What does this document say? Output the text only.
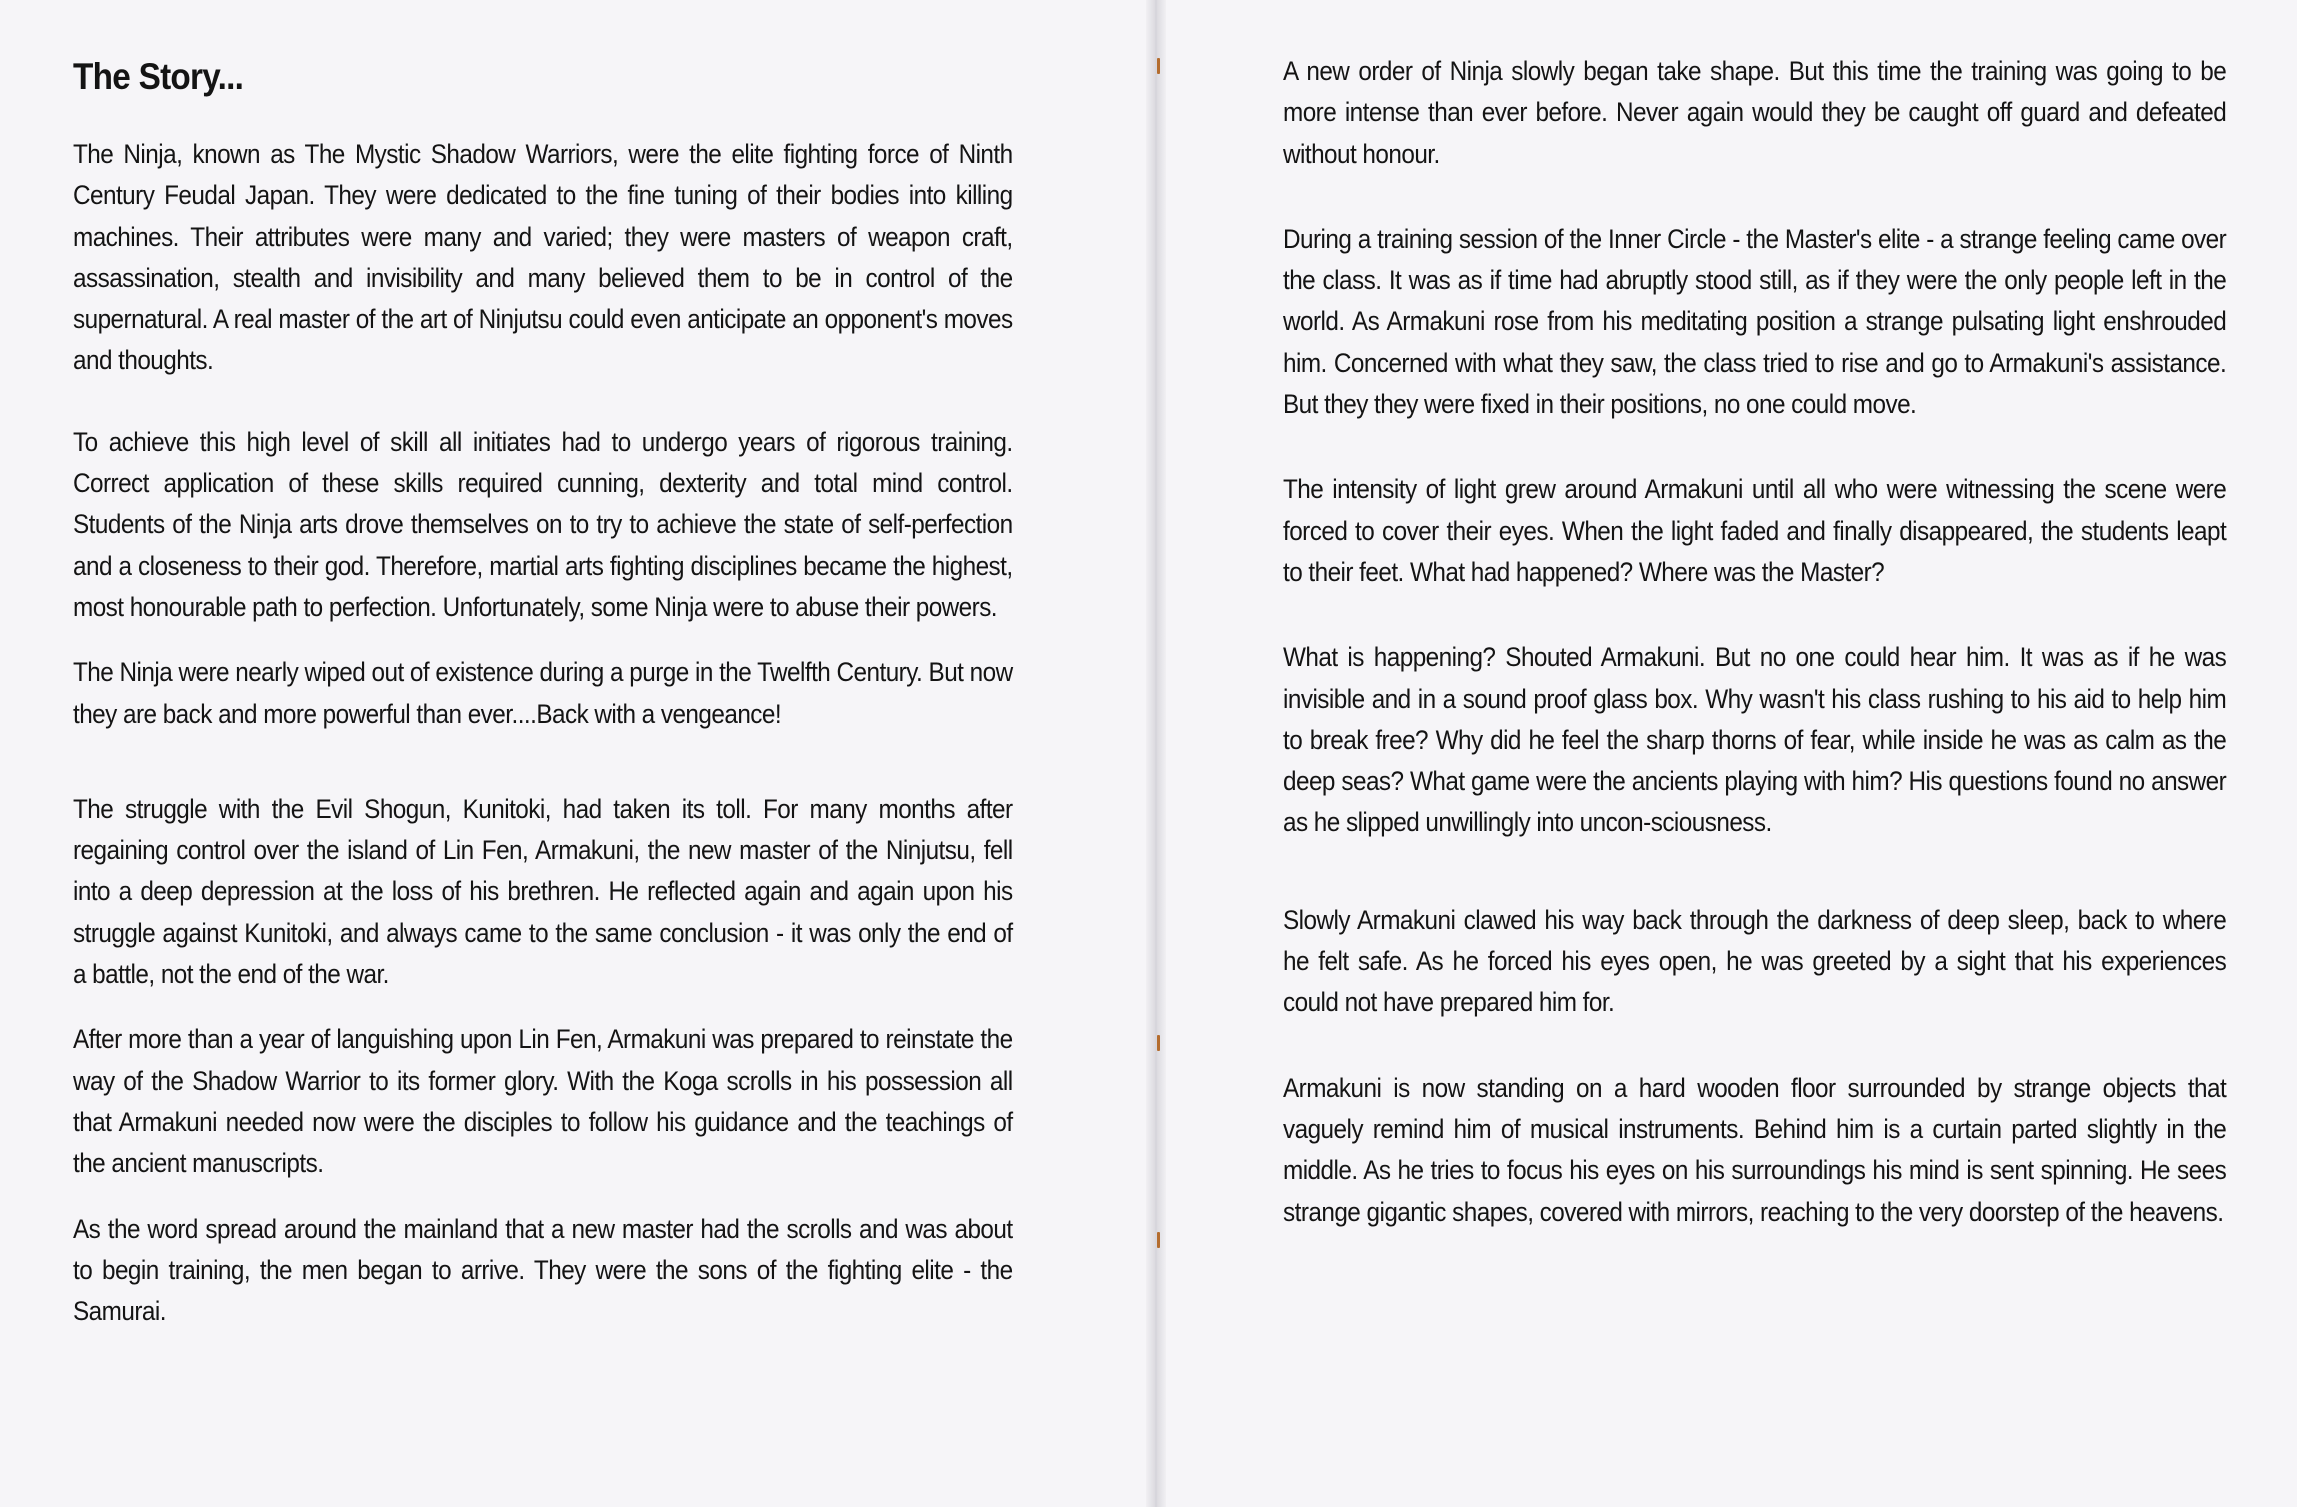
The Story...

The Ninja, known as The Mystic Shadow Warriors, were the elite fighting force of Ninth Century Feudal Japan. They were dedicated to the fine tuning of their bodies into killing machines. Their attributes were many and varied; they were masters of weapon craft, assassination, stealth and invisibility and many believed them to be in control of the supernatural. A real master of the art of Ninjutsu could even anticipate an opponent's moves and thoughts.

To achieve this high level of skill all initiates had to undergo years of rigorous training. Correct application of these skills required cunning, dexterity and total mind control. Students of the Ninja arts drove themselves on to try to achieve the state of self-perfection and a closeness to their god. Therefore, martial arts fighting disciplines became the highest, most honourable path to perfection. Unfortunately, some Ninja were to abuse their powers.

The Ninja were nearly wiped out of existence during a purge in the Twelfth Century. But now they are back and more powerful than ever....Back with a vengeance!

The struggle with the Evil Shogun, Kunitoki, had taken its toll. For many months after regaining control over the island of Lin Fen, Armakuni, the new master of the Ninjutsu, fell into a deep depression at the loss of his brethren. He reflected again and again upon his struggle against Kunitoki, and always came to the same conclusion - it was only the end of a battle, not the end of the war.

After more than a year of languishing upon Lin Fen, Armakuni was prepared to reinstate the way of the Shadow Warrior to its former glory. With the Koga scrolls in his possession all that Armakuni needed now were the disciples to follow his guidance and the teachings of the ancient manuscripts.

As the word spread around the mainland that a new master had the scrolls and was about to begin training, the men began to arrive. They were the sons of the fighting elite - the Samurai.

A new order of Ninja slowly began take shape. But this time the training was going to be more intense than ever before. Never again would they be caught off guard and defeated without honour.

During a training session of the Inner Circle - the Master's elite - a strange feeling came over the class. It was as if time had abruptly stood still, as if they were the only people left in the world. As Armakuni rose from his meditating position a strange pulsating light enshrouded him. Concerned with what they saw, the class tried to rise and go to Armakuni's assistance. But they they were fixed in their positions, no one could move.

The intensity of light grew around Armakuni until all who were witnessing the scene were forced to cover their eyes. When the light faded and finally disappeared, the students leapt to their feet. What had happened? Where was the Master?

What is happening? Shouted Armakuni. But no one could hear him. It was as if he was invisible and in a sound proof glass box. Why wasn't his class rushing to his aid to help him to break free? Why did he feel the sharp thorns of fear, while inside he was as calm as the deep seas? What game were the ancients playing with him? His questions found no answer as he slipped unwillingly into uncon-sciousness.

Slowly Armakuni clawed his way back through the darkness of deep sleep, back to where he felt safe. As he forced his eyes open, he was greeted by a sight that his experiences could not have prepared him for.

Armakuni is now standing on a hard wooden floor surrounded by strange objects that vaguely remind him of musical instruments. Behind him is a curtain parted slightly in the middle. As he tries to focus his eyes on his surroundings his mind is sent spinning. He sees strange gigantic shapes, covered with mirrors, reaching to the very doorstep of the heavens.
